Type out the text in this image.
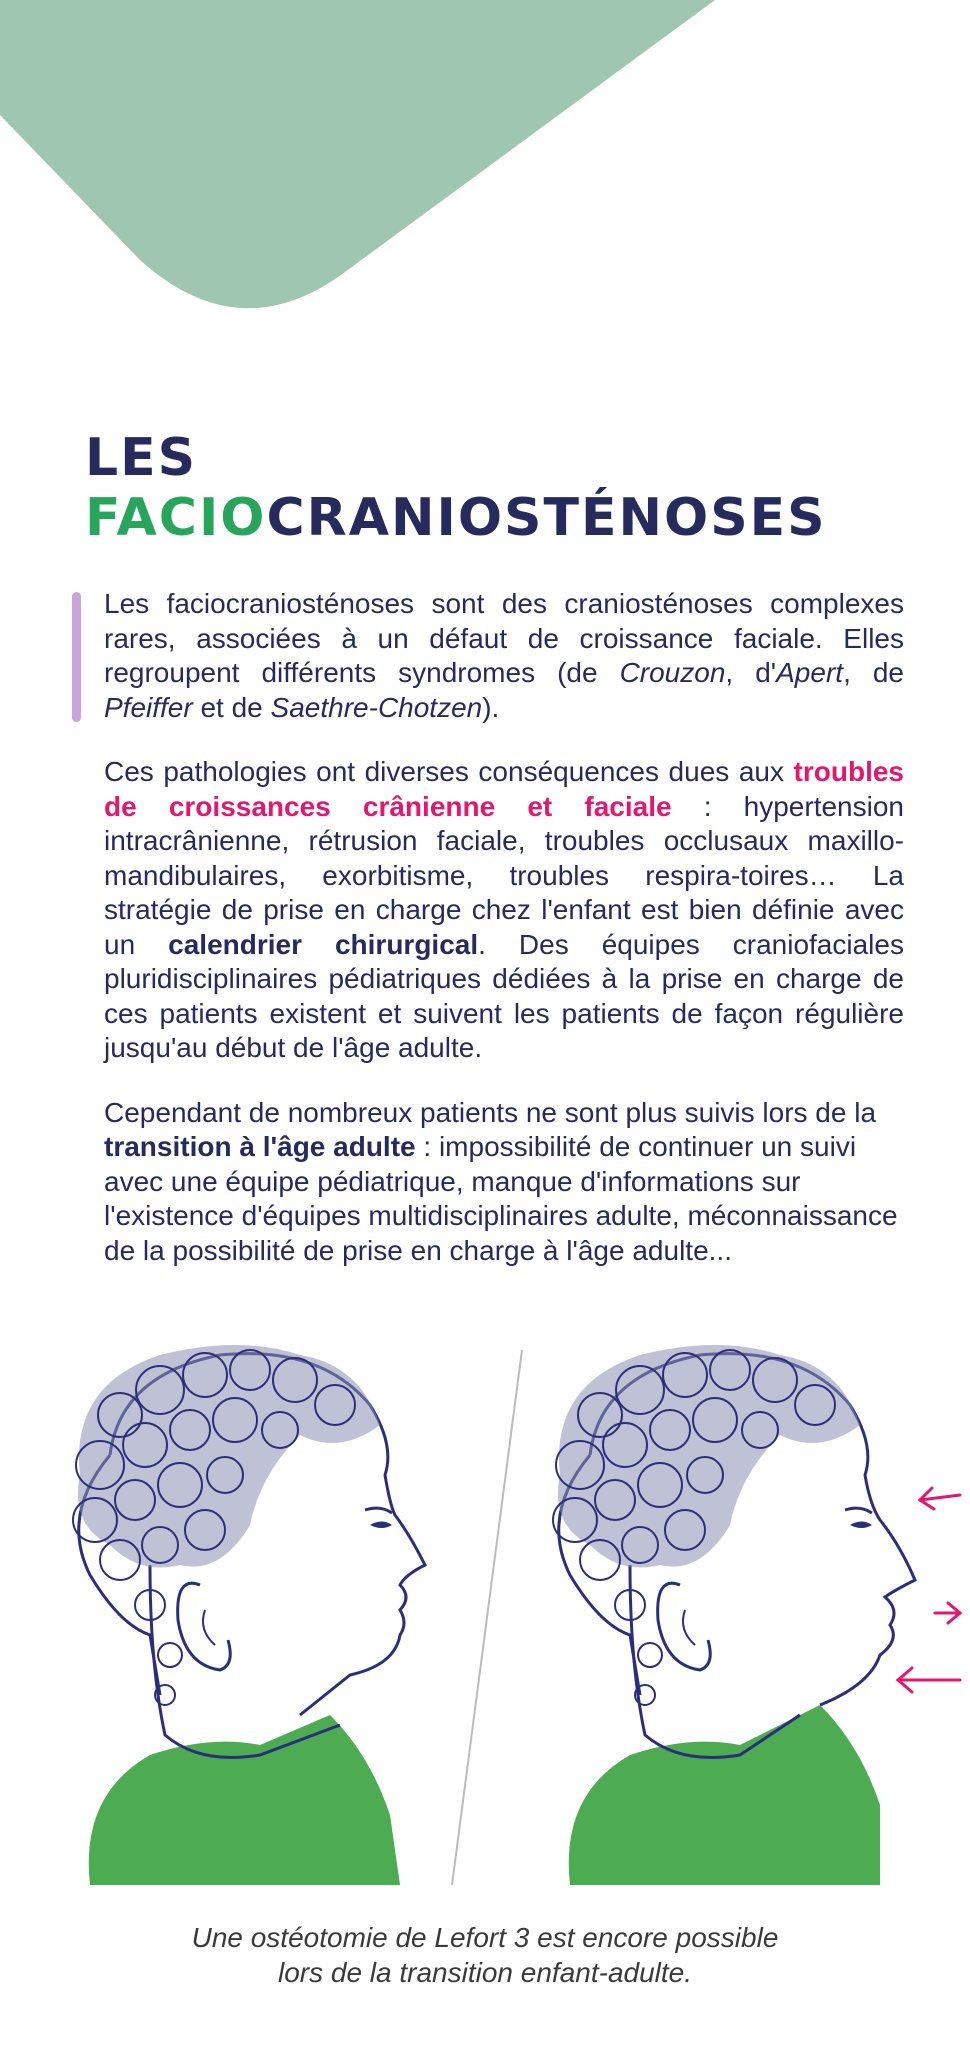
LES
FACIOCRANIOSTÉNOSES

Les faciocraniosténoses sont des craniosténoses complexes rares, associées à un défaut de croissance faciale. Elles regroupent différents syndromes (de Crouzon, d'Apert, de Pfeiffer et de Saethre-Chotzen).

Ces pathologies ont diverses conséquences dues aux troubles de croissances crânienne et faciale : hypertension intracrânienne, rétrusion faciale, troubles occlusaux maxillo-mandibulaires, exorbitisme, troubles respira-toires… La stratégie de prise en charge chez l'enfant est bien définie avec un calendrier chirurgical. Des équipes craniofaciales pluridisciplinaires pédiatriques dédiées à la prise en charge de ces patients existent et suivent les patients de façon régulière jusqu'au début de l'âge adulte.

Cependant de nombreux patients ne sont plus suivis lors de la transition à l'âge adulte : impossibilité de continuer un suivi avec une équipe pédiatrique, manque d'informations sur l'existence d'équipes multidisciplinaires adulte, méconnaissance de la possibilité de prise en charge à l'âge adulte...

Une ostéotomie de Lefort 3 est encore possible
lors de la transition enfant-adulte.
